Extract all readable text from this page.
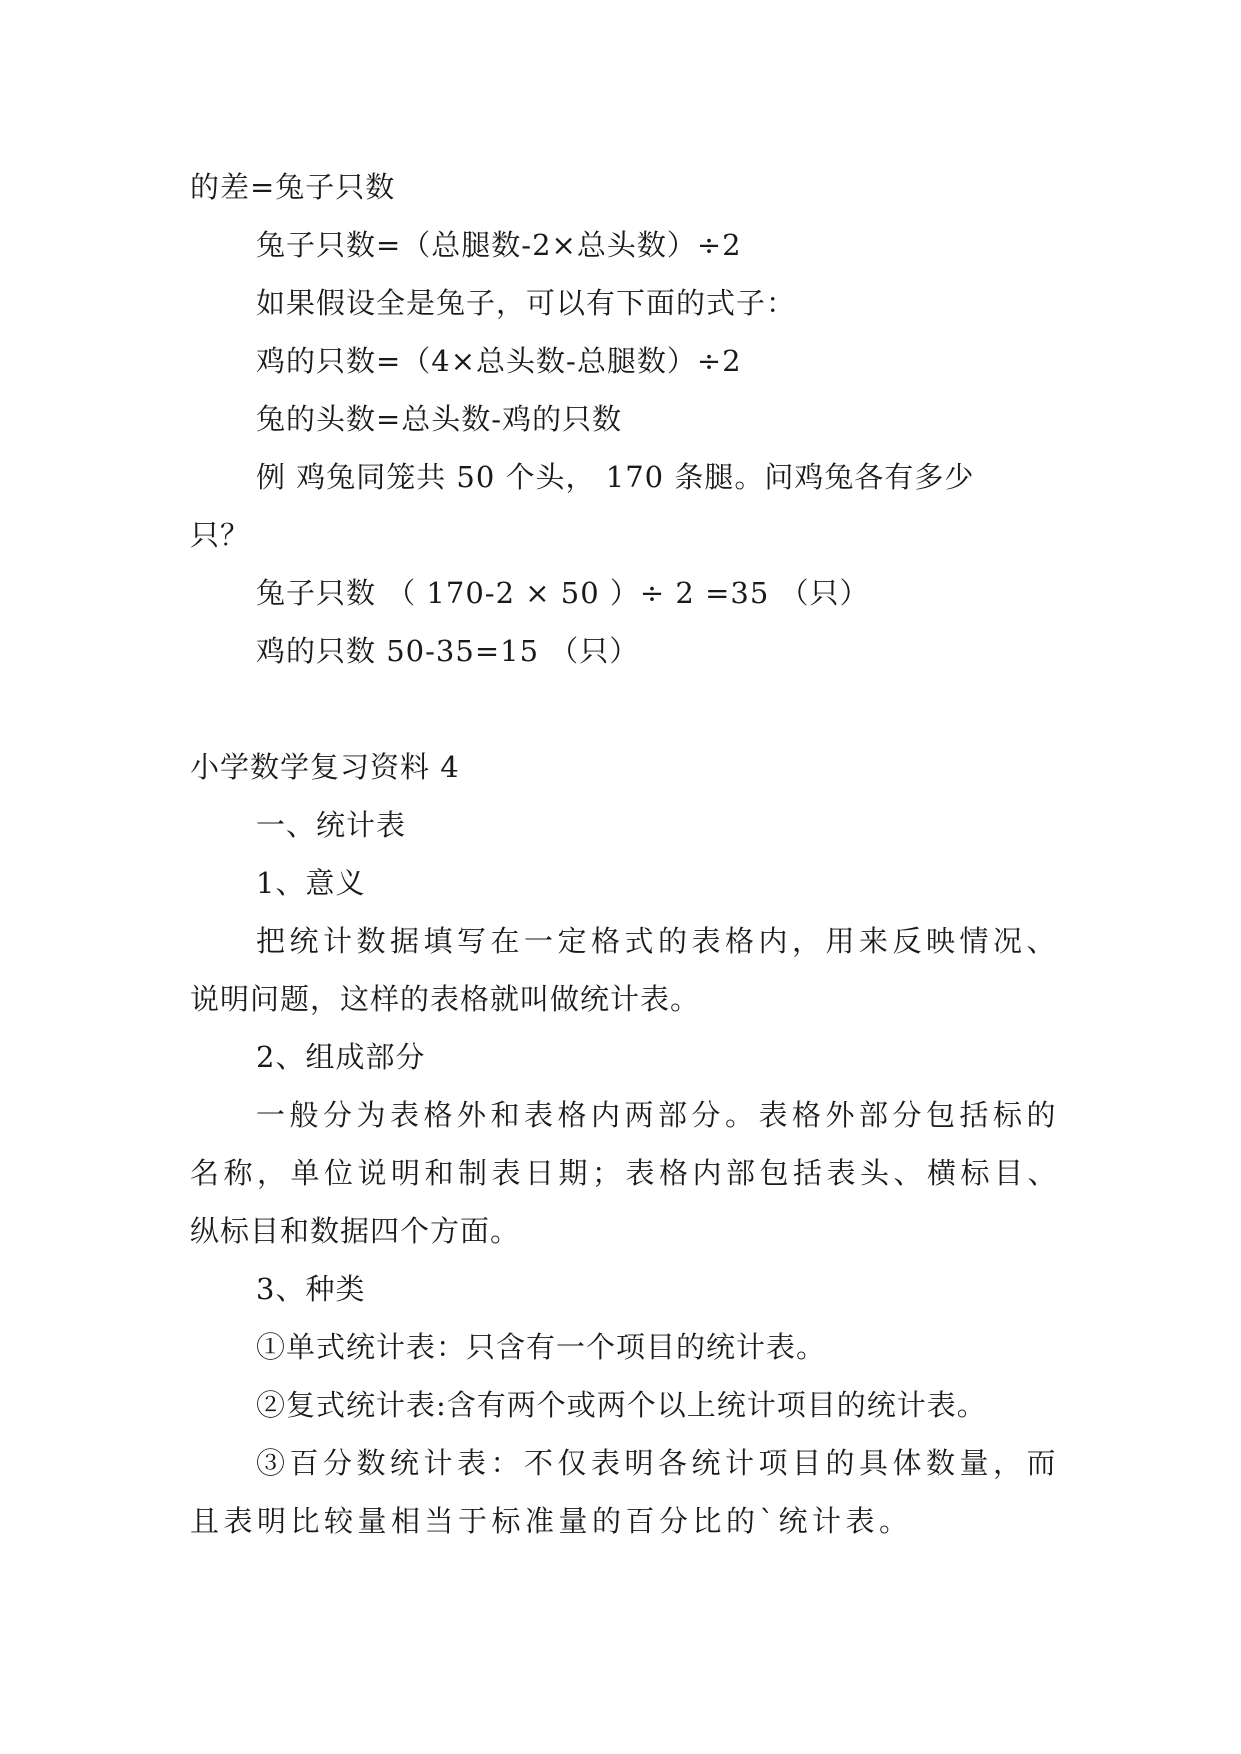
的差=兔子只数
兔子只数=（总腿数-2×总头数）÷2
如果假设全是兔子，可以有下面的式子：
鸡的只数=（4×总头数-总腿数）÷2
兔的头数=总头数-鸡的只数
例 鸡兔同笼共 50 个头， 170 条腿。问鸡兔各有多少
只？
兔子只数 （ 170-2 × 50 ）÷ 2 =35 （只）
鸡的只数 50-35=15 （只）
小学数学复习资料 4
一、统计表
1、意义
把统计数据填写在一定格式的表格内，用来反映情况、
说明问题，这样的表格就叫做统计表。
2、组成部分
一般分为表格外和表格内两部分。表格外部分包括标的
名称，单位说明和制表日期；表格内部包括表头、横标目、
纵标目和数据四个方面。
3、种类
①单式统计表：只含有一个项目的统计表。
②复式统计表:含有两个或两个以上统计项目的统计表。
③百分数统计表：不仅表明各统计项目的具体数量，而
且表明比较量相当于标准量的百分比的`统计表。
